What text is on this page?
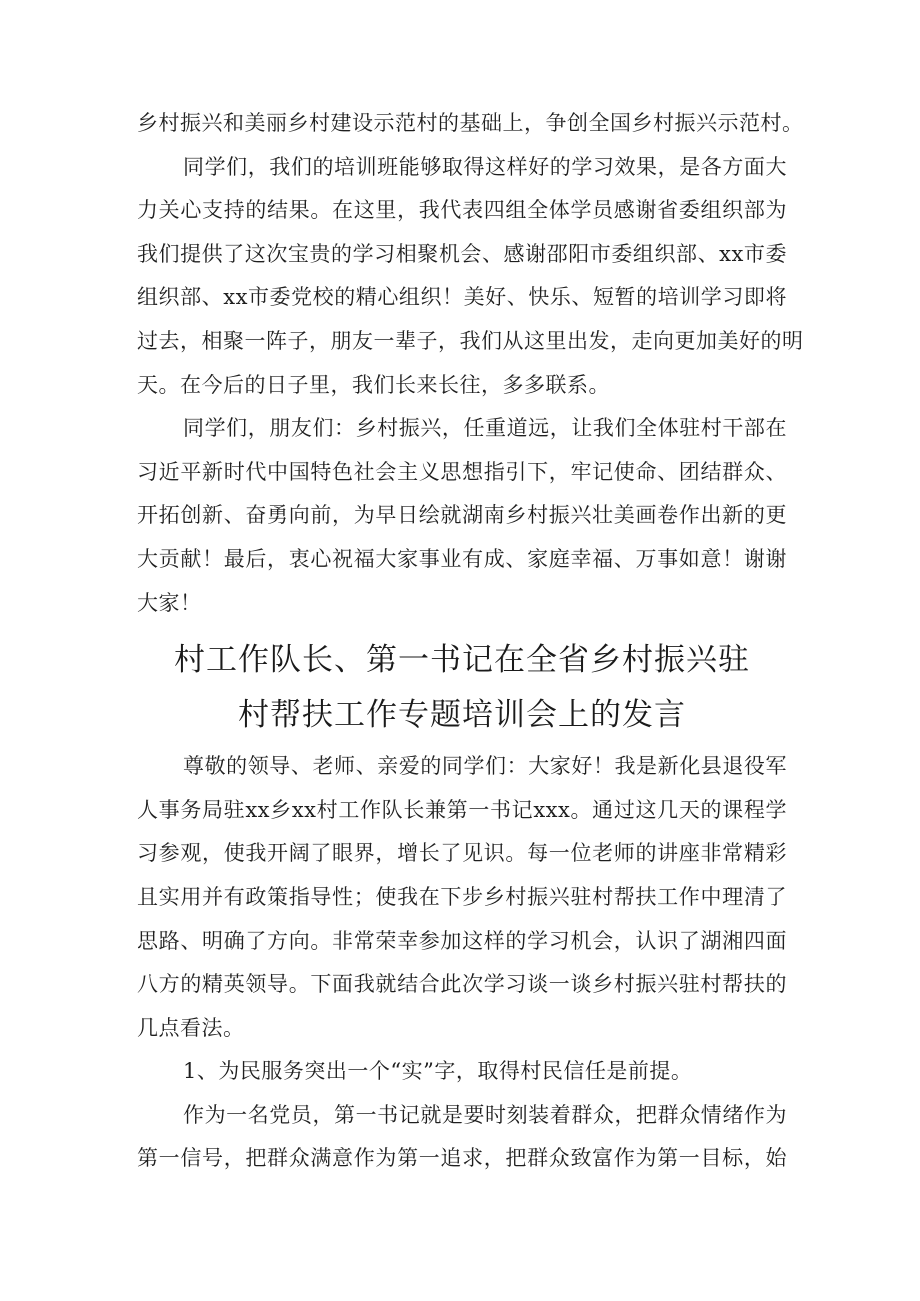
乡村振兴和美丽乡村建设示范村的基础上，争创全国乡村振兴示范村。
同学们，我们的培训班能够取得这样好的学习效果，是各方面大
力关心支持的结果。在这里，我代表四组全体学员感谢省委组织部为
我们提供了这次宝贵的学习相聚机会、感谢邵阳市委组织部、xx市委
组织部、xx市委党校的精心组织！美好、快乐、短暂的培训学习即将
过去，相聚一阵子，朋友一辈子，我们从这里出发，走向更加美好的明
天。在今后的日子里，我们长来长往，多多联系。
同学们，朋友们：乡村振兴，任重道远，让我们全体驻村干部在
习近平新时代中国特色社会主义思想指引下，牢记使命、团结群众、
开拓创新、奋勇向前，为早日绘就湖南乡村振兴壮美画卷作出新的更
大贡献！最后，衷心祝福大家事业有成、家庭幸福、万事如意！谢谢
大家！
村工作队长、第一书记在全省乡村振兴驻
村帮扶工作专题培训会上的发言
尊敬的领导、老师、亲爱的同学们：大家好！我是新化县退役军
人事务局驻xx乡xx村工作队长兼第一书记xxx。通过这几天的课程学
习参观，使我开阔了眼界，增长了见识。每一位老师的讲座非常精彩
且实用并有政策指导性；使我在下步乡村振兴驻村帮扶工作中理清了
思路、明确了方向。非常荣幸参加这样的学习机会，认识了湖湘四面
八方的精英领导。下面我就结合此次学习谈一谈乡村振兴驻村帮扶的
几点看法。
1、为民服务突出一个“实”字，取得村民信任是前提。
作为一名党员，第一书记就是要时刻装着群众，把群众情绪作为
第一信号，把群众满意作为第一追求，把群众致富作为第一目标，始
